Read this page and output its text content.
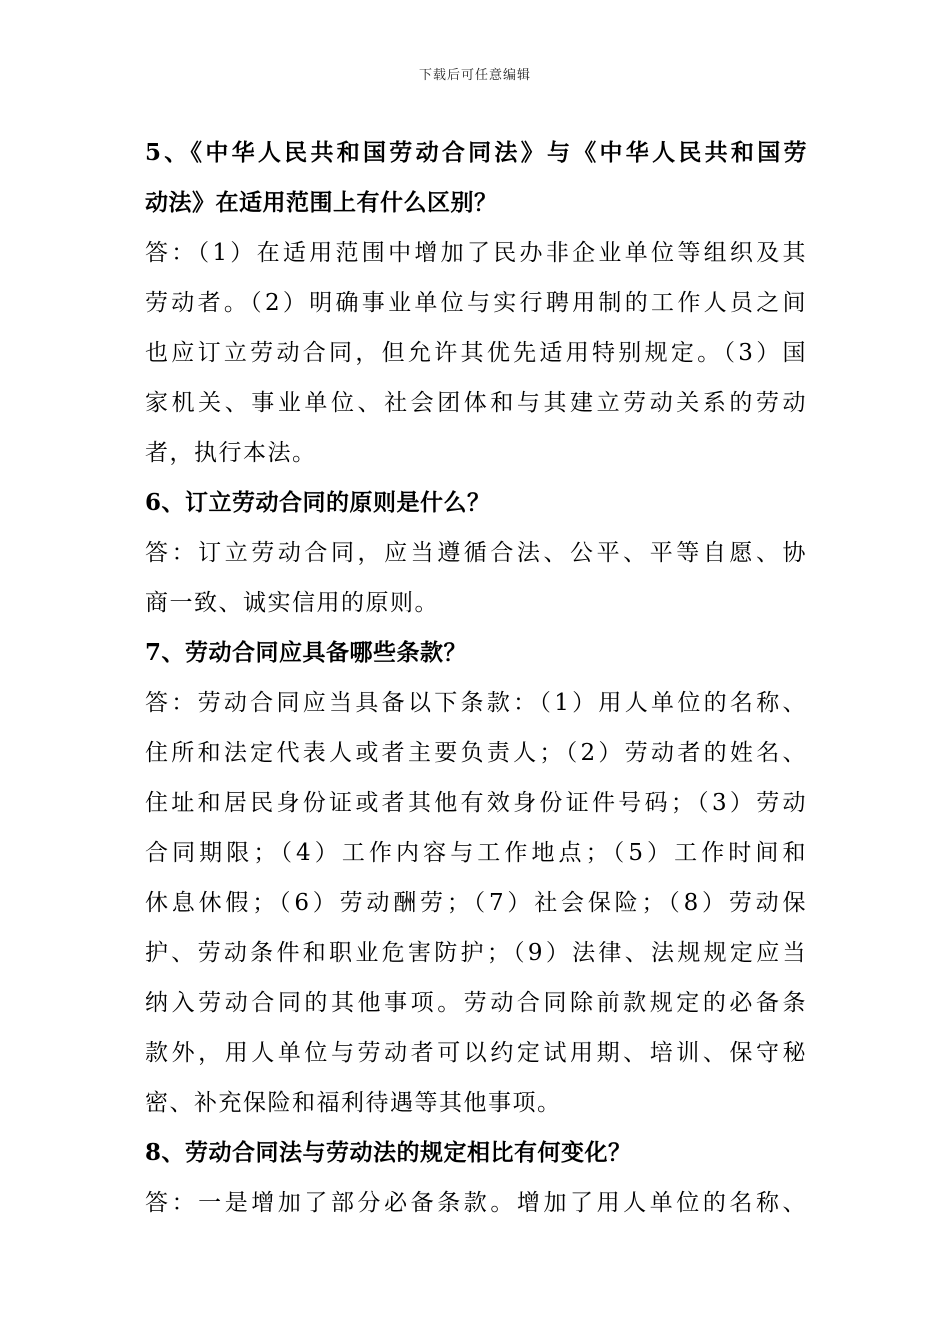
下载后可任意编辑
5、《中华人民共和国劳动合同法》与《中华人民共和国劳
动法》在适用范围上有什么区别？
答：（1）在适用范围中增加了民办非企业单位等组织及其
劳动者。（2）明确事业单位与实行聘用制的工作人员之间
也应订立劳动合同，但允许其优先适用特别规定。（3）国
家机关、事业单位、社会团体和与其建立劳动关系的劳动
者，执行本法。
6、订立劳动合同的原则是什么？
答：订立劳动合同，应当遵循合法、公平、平等自愿、协
商一致、诚实信用的原则。
7、劳动合同应具备哪些条款？
答：劳动合同应当具备以下条款：（1）用人单位的名称、
住所和法定代表人或者主要负责人；（2）劳动者的姓名、
住址和居民身份证或者其他有效身份证件号码；（3）劳动
合同期限；（4）工作内容与工作地点；（5）工作时间和
休息休假；（6）劳动酬劳；（7）社会保险；（8）劳动保
护、劳动条件和职业危害防护；（9）法律、法规规定应当
纳入劳动合同的其他事项。劳动合同除前款规定的必备条
款外，用人单位与劳动者可以约定试用期、培训、保守秘
密、补充保险和福利待遇等其他事项。
8、劳动合同法与劳动法的规定相比有何变化？
答：一是增加了部分必备条款。增加了用人单位的名称、
